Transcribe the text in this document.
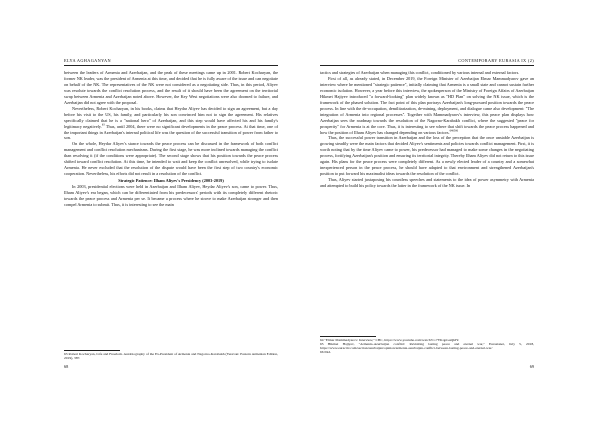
ELYA AGHAGANYAN

between the leaders of Armenia and Azerbaijan, and the peak of these meetings came up in 2001. Robert Kocharyan, the former NK leader, was the president of Armenia at this time, and decided that he is fully aware of the issue and can negotiate on behalf of the NK. The representatives of the NK were not considered as a negotiating side. Thus, in this period, Aliyev was resolute towards the conflict resolution process, and the result of it should have been the agreement on the territorial swap between Armenia and Azerbaijan noted above. However, the Key West negotiations were also doomed to failure, and Azerbaijan did not agree with the proposal.

Nevertheless, Robert Kocharyan, in his books, claims that Heydar Aliyev has decided to sign an agreement, but a day before his visit to the US, his family, and particularly his son convinced him not to sign the agreement. His relatives specifically claimed that he is a "national hero" of Azerbaijan, and this step would have affected his and his family's legitimacy negatively.$^{63}$ Thus, until 2004, there were no significant developments in the peace process. At that time, one of the important things in Azerbaijan's internal political life was the question of the successful transition of power from father to son.

On the whole, Heydar Aliyev's stance towards the peace process can be discussed in the framework of both conflict management and conflict resolution mechanisms. During the first stage, he was more inclined towards managing the conflict than resolving it (if the conditions were appropriate). The second stage shows that his position towards the peace process shifted toward conflict resolution. At this time, he intended to wait and keep the conflict unresolved, while trying to isolate Armenia. He never excluded that the resolution of the dispute would have been the first step of two country's economic cooperation. Nevertheless, his efforts did not result in a resolution of the conflict.

Strategic Patience: Ilham Aliyev's Presidency (2003-2019)

In 2003, presidential elections were held in Azerbaijan and Ilham Aliyev, Heydar Aliyev's son, came to power. Thus, Ilham Aliyev's era began, which can be differentiated from his predecessors' periods with its completely different rhetoric towards the peace process and Armenia per se. It became a process where he strove to make Azerbaijan stronger and then compel Armenia to submit. Thus, it is interesting to see the main

63 Robert Kocharyan, Life and Freedom. Autobiography of the Ex-President of Armenia and Nagorno-Karabakh (Yerevan: Eastern Armenian Edition, 2019), 387.

68
CONTEMPORARY EURASIA IX (2)

tactics and strategies of Azerbaijan when managing this conflict, conditioned by various internal and external factors.

First of all, as already stated, in December 2019, the Foreign Minister of Azerbaijan Elmar Mammadyarov gave an interview where he mentioned "strategic patience", initially claiming that Armenia is a small state and cannot sustain further economic isolation. However, a year before this interview, the spokesperson of the Ministry of Foreign Affairs of Azerbaijan Hikmet Hajiyev introduced "a forward-looking" plan widely known as "HD Plan" on solving the NK issue, which is the framework of the phased solution. The fact point of this plan portrays Azerbaijan's long-pursued position towards the peace process. In line with the de-occupation, demilitarization, de-mining, deployment, and dialogue came also development: "The integration of Armenia into regional processes". Together with Mammadyarov's interview, this peace plan displays how Azerbaijan sees the roadmap towards the resolution of the Nagorno-Karabakh conflict, where the suggested "peace for prosperity" for Armenia is at the core. Thus, it is interesting to see where that shift towards the peace process happened and how the position of Ilham Aliyev has changed depending on various factors.$^{646566}$

Thus, the successful power transition in Azerbaijan and the loss of the perception that the once unstable Azerbaijan is growing steadily were the main factors that decided Aliyev's sentiments and policies towards conflict management. First, it is worth noting that by the time Aliyev came to power, his predecessor had managed to make some changes in the negotiating process, fortifying Azerbaijan's position and ensuring its territorial integrity. Thereby Ilham Aliyev did not return to this issue again. His plans for the peace process were completely different. As a newly elected leader of a country and a somewhat inexperienced person in the peace process, he should have adapted to that environment and strengthened Azerbaijan's position to put forward his maximalist ideas towards the resolution of the conflict.

Thus, Aliyev started juxtaposing his countless speeches and statements to the idea of power asymmetry with Armenia and attempted to build his policy towards the latter in the framework of the NK issue. In

64 "Elmar Mammadyarov: Interview," CBC, https://www.youtube.com/watch?v=7YKqpGuQhIY.

65 Hikmet Hajiyev, "Armenia-Azerbaijan conflict: Revisiting lasting peace and eternal war," Eurasianet, July 5, 2018, https://www.euractiv.com/section/azerbaijan/opinion/armenia-azerbaijan-conflict-between-lasting-peace-and-eternal-war/

66 Ibid.

69
